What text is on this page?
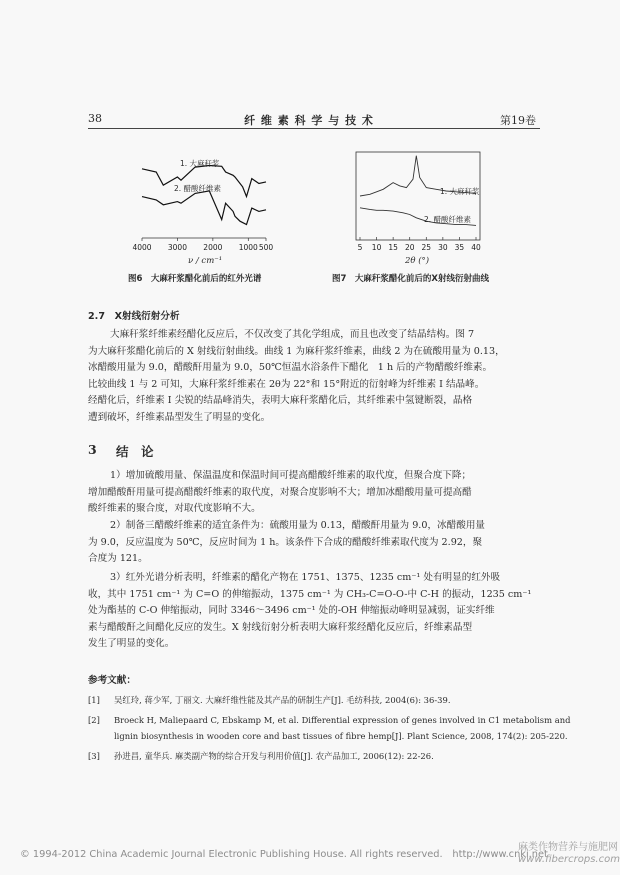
38	纤 维 素 科 学 与 技 术	第19卷
4000 3000 2000 1000 500
1. 大麻秆浆
2. 醋酸纤维素
ν / cm⁻¹
图6　大麻秆浆醋化前后的红外光谱
5 10 15 20 25 30 35 40
1. 大麻秆浆
2. 醋酸纤维素
2θ (°)
图7　大麻秆浆醋化前后的X射线衍射曲线
2.7　X射线衍射分析
大麻秆浆纤维素经醋化反应后，不仅改变了其化学组成，而且也改变了结晶结构。图 7
为大麻秆浆醋化前后的 X 射线衍射曲线。曲线 1 为麻秆浆纤维素，曲线 2 为在硫酸用量为 0.13，
冰醋酸用量为 9.0，醋酸酐用量为 9.0，50℃恒温水浴条件下醋化　1 h 后的产物醋酸纤维素。
比较曲线 1 与 2 可知，大麻秆浆纤维素在 2θ为 22°和 15°附近的衍射峰为纤维素 Ⅰ 结晶峰。
经醋化后，纤维素 Ⅰ 尖锐的结晶峰消失，表明大麻秆浆醋化后，其纤维素中氢键断裂，晶格
遭到破坏，纤维素晶型发生了明显的变化。
3 结　论
1）增加硫酸用量、保温温度和保温时间可提高醋酸纤维素的取代度，但聚合度下降；
增加醋酸酐用量可提高醋酸纤维素的取代度，对聚合度影响不大；增加冰醋酸用量可提高醋
酸纤维素的聚合度，对取代度影响不大。
2）制备三醋酸纤维素的适宜条件为：硫酸用量为 0.13，醋酸酐用量为 9.0，冰醋酸用量
为 9.0，反应温度为 50℃，反应时间为 1 h。该条件下合成的醋酸纤维素取代度为 2.92，聚
合度为 121。
3）红外光谱分析表明，纤维素的醋化产物在 1751、1375、1235 cm⁻¹ 处有明显的红外吸
收，其中 1751 cm⁻¹ 为 C=O 的伸缩振动，1375 cm⁻¹ 为 CH₃-C=O-O-中 C-H 的振动，1235 cm⁻¹
处为酯基的 C-O 伸缩振动，同时 3346～3496 cm⁻¹ 处的-OH 伸缩振动峰明显减弱，证实纤维
素与醋酸酐之间醋化反应的发生。X 射线衍射分析表明大麻秆浆经醋化反应后，纤维素晶型
发生了明显的变化。
参考文献：
[1]	吴红玲, 蒋少军, 丁丽文. 大麻纤维性能及其产品的研制生产[J]. 毛纺科技, 2004(6): 36-39.
[2]	Broeck H, Maliepaard C, Ebskamp M, et al. Differential expression of genes involved in C1 metabolism and
lignin biosynthesis in wooden core and bast tissues of fibre hemp[J]. Plant Science, 2008, 174(2): 205-220.
[3]	孙进昌, 童华兵. 麻类副产物的综合开发与利用价值[J]. 农产品加工, 2006(12): 22-26.
© 1994-2012 China Academic Journal Electronic Publishing House. All rights reserved.　http://www.cnki.net
麻类作物营养与施肥网
www.fibercrops.com
